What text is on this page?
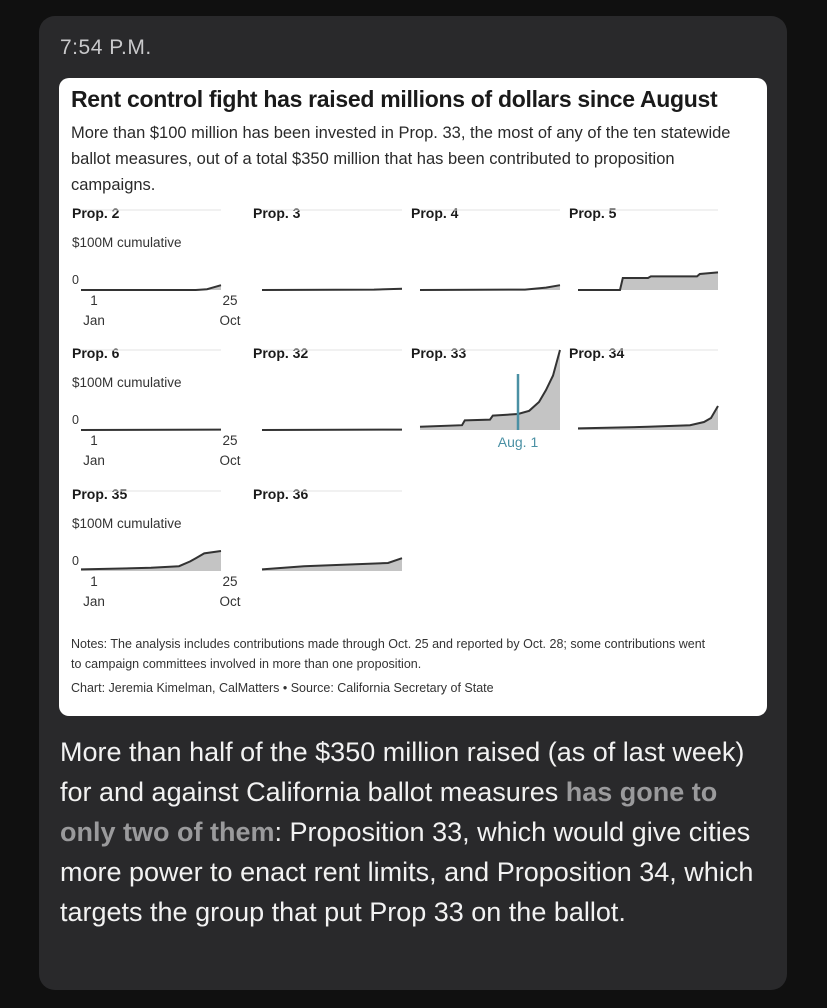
7:54 P.M.
Rent control fight has raised millions of dollars since August

More than $100 million has been invested in Prop. 33, the most of any of the ten statewide ballot measures, out of a total $350 million that has been contributed to proposition campaigns.

Prop. 2
$100M cumulative
0
1
Jan
25
Oct
Prop. 3	Prop. 4	Prop. 5
Prop. 6
$100M cumulative
0
1
Jan
25
Oct
Prop. 32	Prop. 33
Aug. 1
Prop. 34
Prop. 35
$100M cumulative
0
1
Jan
25
Oct
Prop. 36

Notes: The analysis includes contributions made through Oct. 25 and reported by Oct. 28; some contributions went to campaign committees involved in more than one proposition.

Chart: Jeremia Kimelman, CalMatters • Source: California Secretary of State

More than half of the $350 million raised (as of last week) for and against California ballot measures has gone to only two of them: Proposition 33, which would give cities more power to enact rent limits, and Proposition 34, which targets the group that put Prop 33 on the ballot.
